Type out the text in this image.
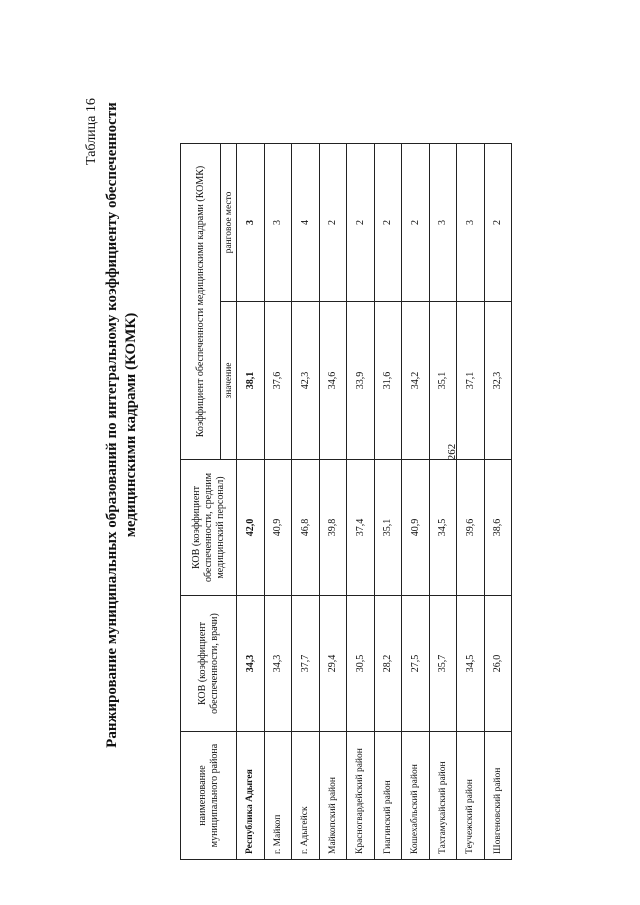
262
Таблица 16 Ранжирование муниципальных образований по интегральному коэффициенту обеспеченности медицинскими кадрами (КОМК)
наименование муниципального района	КОВ (коэффициент обеспеченности, врачи)	КОВ (коэффициент обеспеченности, средним медицинский персонал)	Коэффициент обеспеченности медицинскими кадрами (КОМК)	
			значение	ранговое место
Республика Адыгея	34,3	42,0	38,1	3
г. Майкоп	34,3	40,9	37,6	3
г. Адыгейск	37,7	46,8	42,3	4
Майкопский район	29,4	39,8	34,6	2
Красногвардейский район	30,5	37,4	33,9	2
Гиагинский район	28,2	35,1	31,6	2
Кошехабльский район	27,5	40,9	34,2	2
Тахтамукайский район	35,7	34,5	35,1	3
Теучежский район	34,5	39,6	37,1	3
Шовгеновский район	26,0	38,6	32,3	2
